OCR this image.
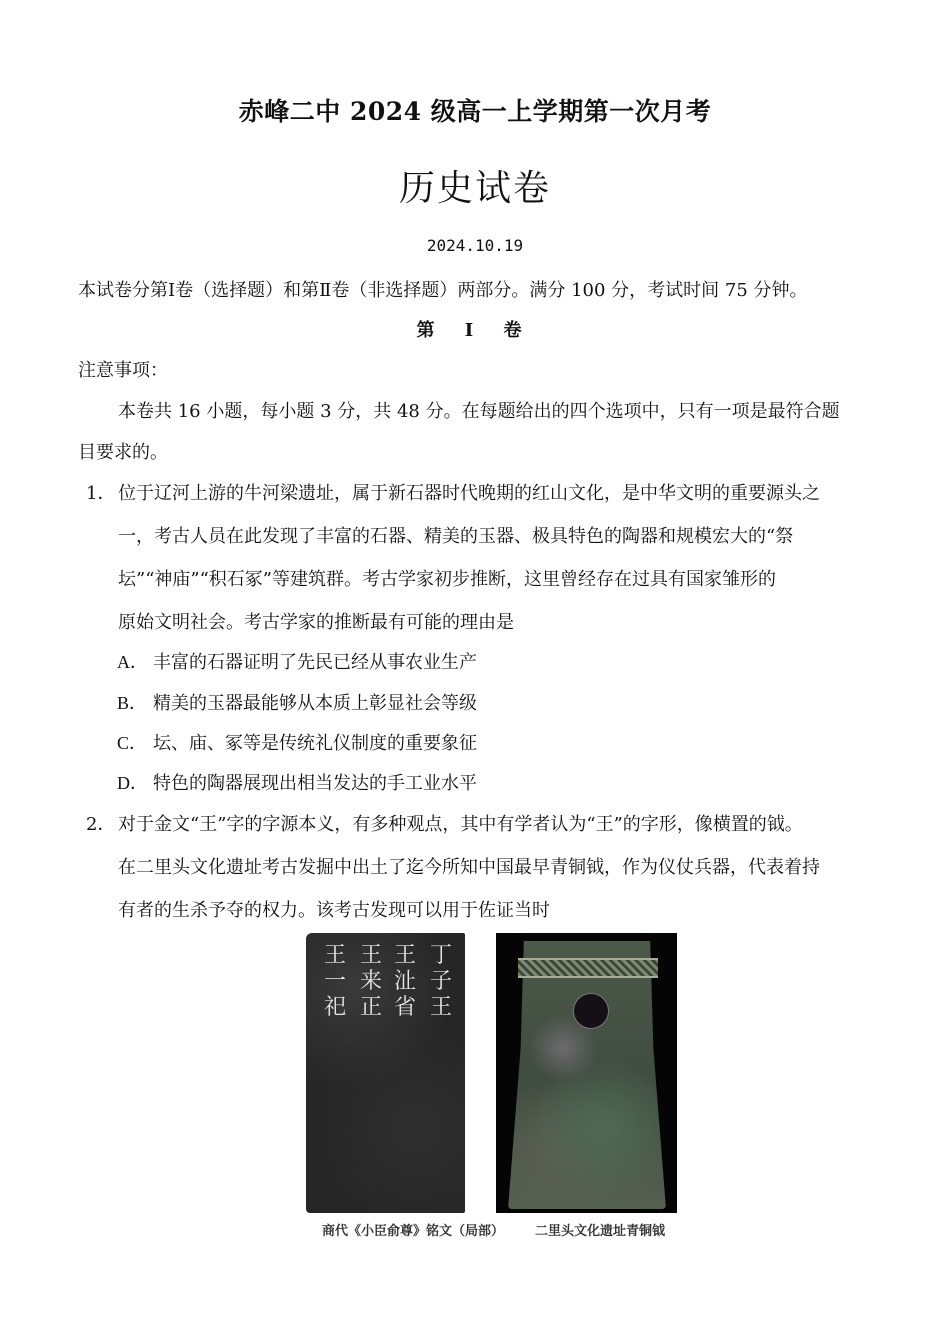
赤峰二中 2024 级高一上学期第一次月考
历史试卷
2024.10.19
本试卷分第Ⅰ卷（选择题）和第Ⅱ卷（非选择题）两部分。满分 100 分，考试时间 75 分钟。
第 Ⅰ 卷
注意事项：
本卷共 16 小题，每小题 3 分，共 48 分。在每题给出的四个选项中，只有一项是最符合题
目要求的。
1． 位于辽河上游的牛河梁遗址，属于新石器时代晚期的红山文化，是中华文明的重要源头之
一，考古人员在此发现了丰富的石器、精美的玉器、极具特色的陶器和规模宏大的“祭
坛”“神庙”“积石冢”等建筑群。考古学家初步推断，这里曾经存在过具有国家雏形的
原始文明社会。考古学家的推断最有可能的理由是
A． 丰富的石器证明了先民已经从事农业生产
B． 精美的玉器最能够从本质上彰显社会等级
C． 坛、庙、冢等是传统礼仪制度的重要象征
D． 特色的陶器展现出相当发达的手工业水平
2． 对于金文“王”字的字源本义，有多种观点，其中有学者认为“王”的字形，像横置的钺。
在二里头文化遗址考古发掘中出土了迄今所知中国最早青铜钺，作为仪仗兵器，代表着持
有者的生杀予夺的权力。该考古发现可以用于佐证当时
丁子王
王沚省
王来正
王一祀
商代《小臣俞尊》铭文（局部） 二里头文化遗址青铜钺
